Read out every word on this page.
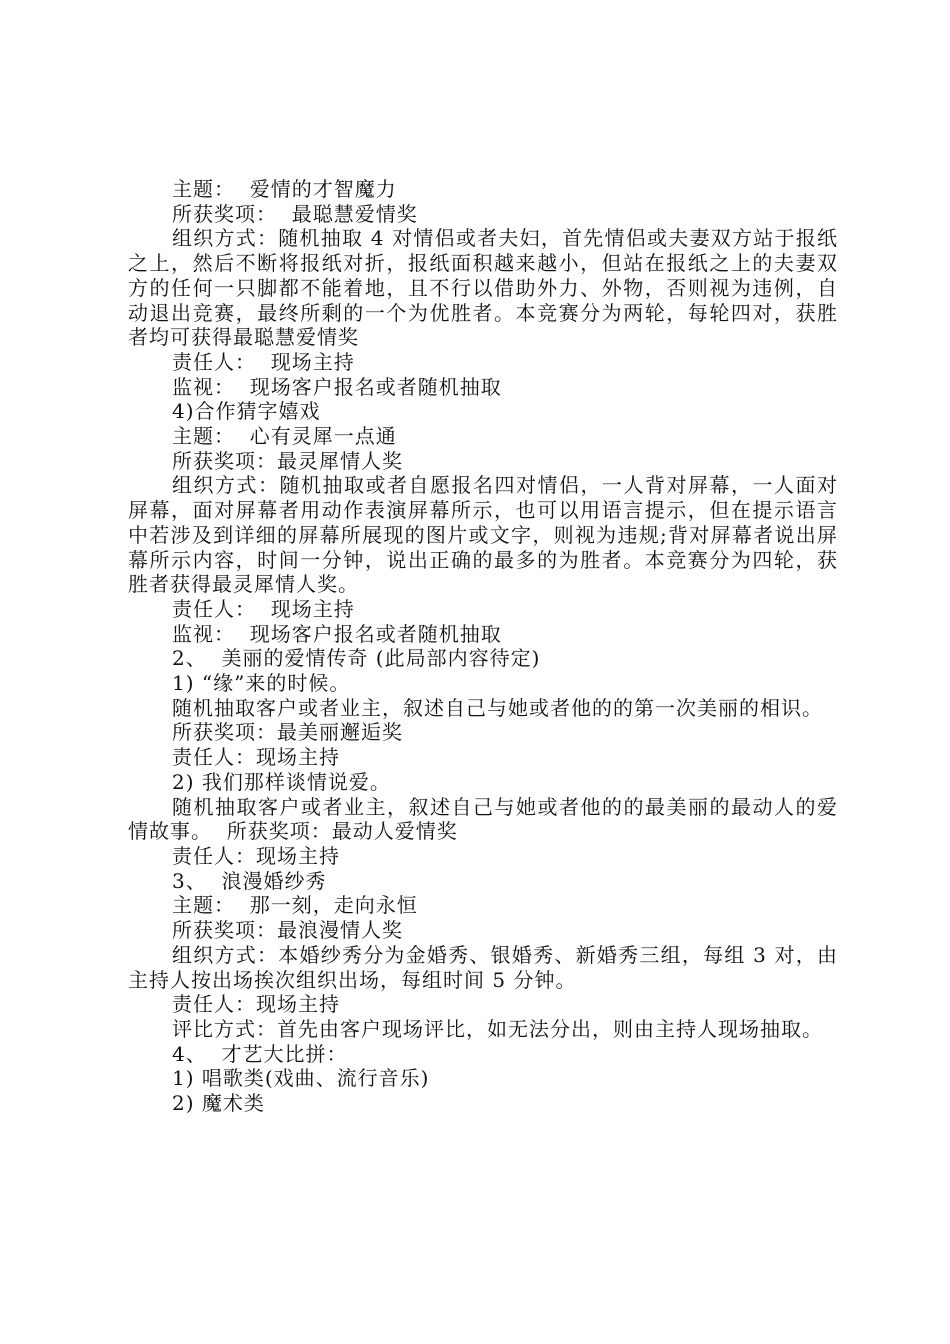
主题：  爱情的才智魔力

所获奖项：  最聪慧爱情奖

组织方式：随机抽取 4 对情侣或者夫妇，首先情侣或夫妻双方站于报纸之上，然后不断将报纸对折，报纸面积越来越小，但站在报纸之上的夫妻双方的任何一只脚都不能着地，且不行以借助外力、外物，否则视为违例，自动退出竞赛，最终所剩的一个为优胜者。本竞赛分为两轮，每轮四对，获胜者均可获得最聪慧爱情奖

责任人：  现场主持

监视：  现场客户报名或者随机抽取

4)合作猜字嬉戏

主题：  心有灵犀一点通

所获奖项：最灵犀情人奖

组织方式：随机抽取或者自愿报名四对情侣，一人背对屏幕，一人面对屏幕，面对屏幕者用动作表演屏幕所示，也可以用语言提示，但在提示语言中若涉及到详细的屏幕所展现的图片或文字，则视为违规;背对屏幕者说出屏幕所示内容，时间一分钟，说出正确的最多的为胜者。本竞赛分为四轮，获胜者获得最灵犀情人奖。

责任人：  现场主持

监视：  现场客户报名或者随机抽取

2、  美丽的爱情传奇 (此局部内容待定)

1) “缘”来的时候。

随机抽取客户或者业主，叙述自己与她或者他的的第一次美丽的相识。

所获奖项：最美丽邂逅奖

责任人：现场主持

2) 我们那样谈情说爱。

随机抽取客户或者业主，叙述自己与她或者他的的最美丽的最动人的爱情故事。  所获奖项：最动人爱情奖

责任人：现场主持

3、  浪漫婚纱秀

主题：  那一刻，走向永恒

所获奖项：最浪漫情人奖

组织方式：本婚纱秀分为金婚秀、银婚秀、新婚秀三组，每组 3 对，由主持人按出场挨次组织出场，每组时间 5 分钟。

责任人：现场主持

评比方式：首先由客户现场评比，如无法分出，则由主持人现场抽取。

4、  才艺大比拼：

1) 唱歌类(戏曲、流行音乐)

2) 魔术类
